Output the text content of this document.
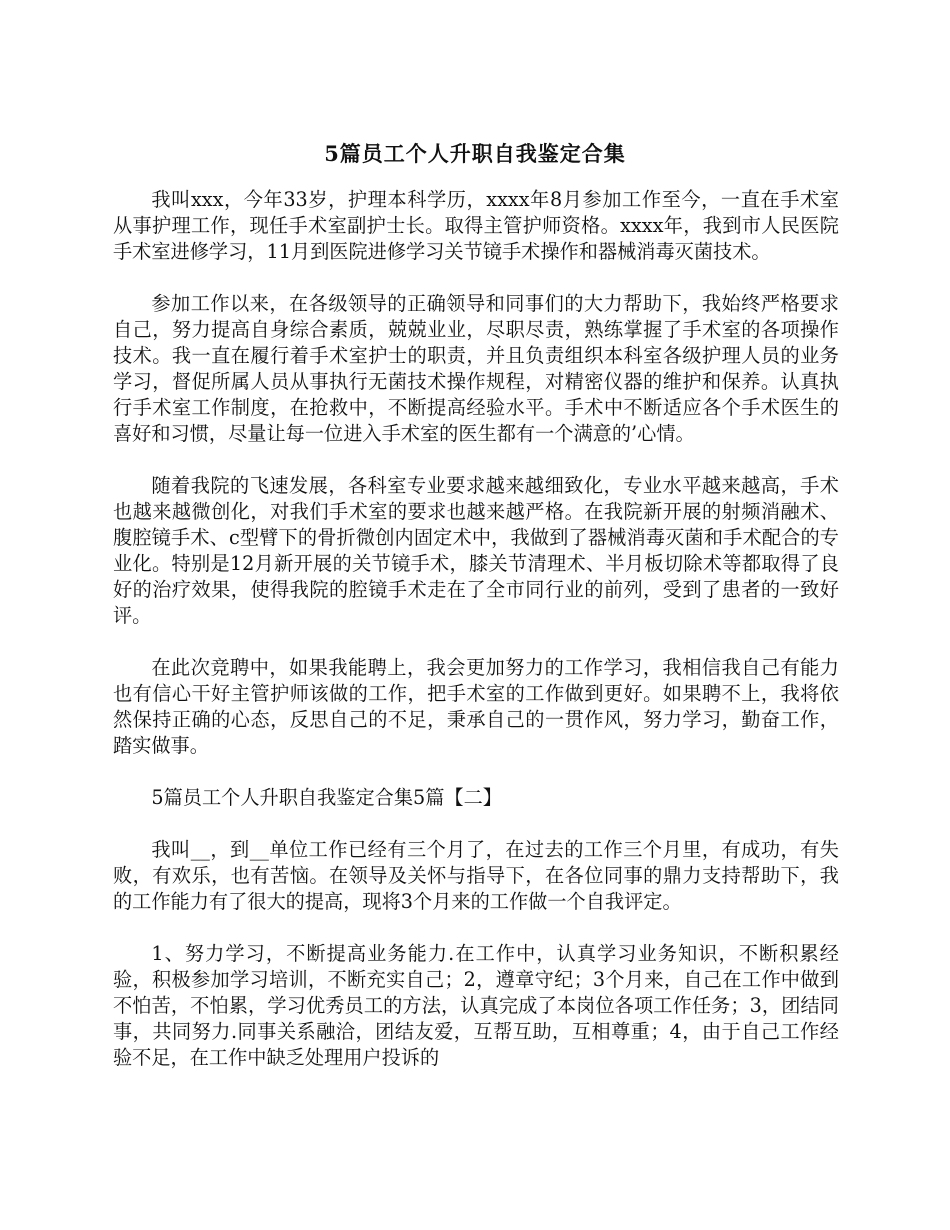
5篇员工个人升职自我鉴定合集

我叫xxx，今年33岁，护理本科学历，xxxx年8月参加工作至今，一直在手术室从事护理工作，现任手术室副护士长。取得主管护师资格。xxxx年，我到市人民医院手术室进修学习，11月到医院进修学习关节镜手术操作和器械消毒灭菌技术。

参加工作以来，在各级领导的正确领导和同事们的大力帮助下，我始终严格要求自己，努力提高自身综合素质，兢兢业业，尽职尽责，熟练掌握了手术室的各项操作技术。我一直在履行着手术室护士的职责，并且负责组织本科室各级护理人员的业务学习，督促所属人员从事执行无菌技术操作规程，对精密仪器的维护和保养。认真执行手术室工作制度，在抢救中，不断提高经验水平。手术中不断适应各个手术医生的喜好和习惯，尽量让每一位进入手术室的医生都有一个满意的’心情。

随着我院的飞速发展，各科室专业要求越来越细致化，专业水平越来越高，手术也越来越微创化，对我们手术室的要求也越来越严格。在我院新开展的射频消融术、腹腔镜手术、c型臂下的骨折微创内固定术中，我做到了器械消毒灭菌和手术配合的专业化。特别是12月新开展的关节镜手术，膝关节清理术、半月板切除术等都取得了良好的治疗效果，使得我院的腔镜手术走在了全市同行业的前列，受到了患者的一致好评。

在此次竞聘中，如果我能聘上，我会更加努力的工作学习，我相信我自己有能力也有信心干好主管护师该做的工作，把手术室的工作做到更好。如果聘不上，我将依然保持正确的心态，反思自己的不足，秉承自己的一贯作风，努力学习，勤奋工作，踏实做事。

5篇员工个人升职自我鉴定合集5篇【二】

我叫__，到__单位工作已经有三个月了，在过去的工作三个月里，有成功，有失败，有欢乐，也有苦恼。在领导及关怀与指导下，在各位同事的鼎力支持帮助下，我的工作能力有了很大的提高，现将3个月来的工作做一个自我评定。

1、努力学习，不断提高业务能力.在工作中，认真学习业务知识，不断积累经验，积极参加学习培训，不断充实自己；2，遵章守纪；3个月来，自己在工作中做到不怕苦，不怕累，学习优秀员工的方法，认真完成了本岗位各项工作任务；3，团结同事，共同努力.同事关系融洽，团结友爱，互帮互助，互相尊重；4，由于自己工作经验不足，在工作中缺乏处理用户投诉的
